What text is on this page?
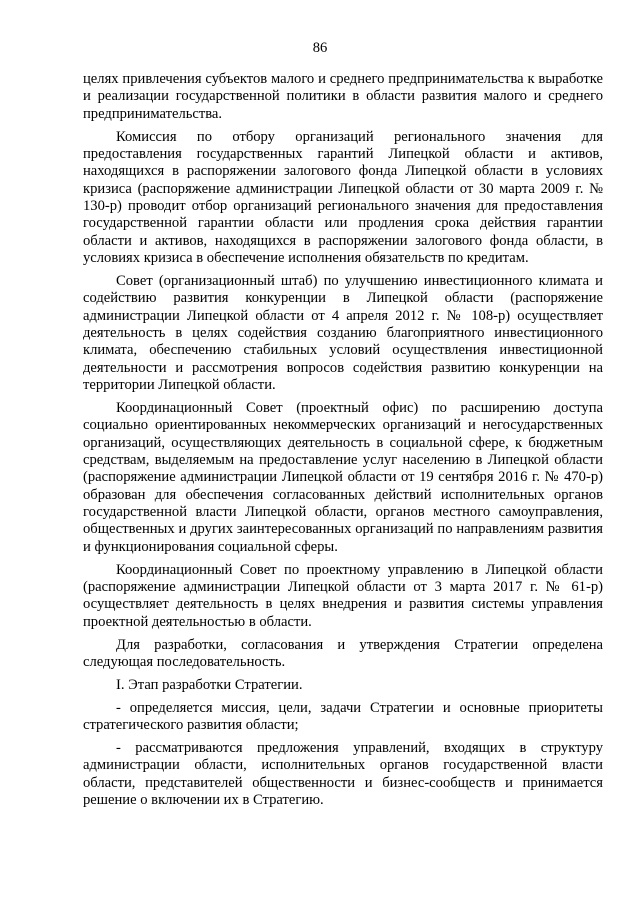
86

целях привлечения субъектов малого и среднего предпринимательства к выработке и реализации государственной политики в области развития малого и среднего предпринимательства.

Комиссия по отбору организаций регионального значения для предоставления государственных гарантий Липецкой области и активов, находящихся в распоряжении залогового фонда Липецкой области в условиях кризиса (распоряжение администрации Липецкой области от 30 марта 2009 г. № 130-р) проводит отбор организаций регионального значения для предоставления государственной гарантии области или продления срока действия гарантии области и активов, находящихся в распоряжении залогового фонда области, в условиях кризиса в обеспечение исполнения обязательств по кредитам.

Совет (организационный штаб) по улучшению инвестиционного климата и содействию развития конкуренции в Липецкой области (распоряжение администрации Липецкой области от 4 апреля 2012 г. № 108-р) осуществляет деятельность в целях содействия созданию благоприятного инвестиционного климата, обеспечению стабильных условий осуществления инвестиционной деятельности и рассмотрения вопросов содействия развитию конкуренции на территории Липецкой области.

Координационный Совет (проектный офис) по расширению доступа социально ориентированных некоммерческих организаций и негосударственных организаций, осуществляющих деятельность в социальной сфере, к бюджетным средствам, выделяемым на предоставление услуг населению в Липецкой области (распоряжение администрации Липецкой области от 19 сентября 2016 г. № 470-р) образован для обеспечения согласованных действий исполнительных органов государственной власти Липецкой области, органов местного самоуправления, общественных и других заинтересованных организаций по направлениям развития и функционирования социальной сферы.

Координационный Совет по проектному управлению в Липецкой области (распоряжение администрации Липецкой области от 3 марта 2017 г. № 61-р) осуществляет деятельность в целях внедрения и развития системы управления проектной деятельностью в области.

Для разработки, согласования и утверждения Стратегии определена следующая последовательность.

I. Этап разработки Стратегии.

- определяется миссия, цели, задачи Стратегии и основные приоритеты стратегического развития области;

- рассматриваются предложения управлений, входящих в структуру администрации области, исполнительных органов государственной власти области, представителей общественности и бизнес-сообществ и принимается решение о включении их в Стратегию.
